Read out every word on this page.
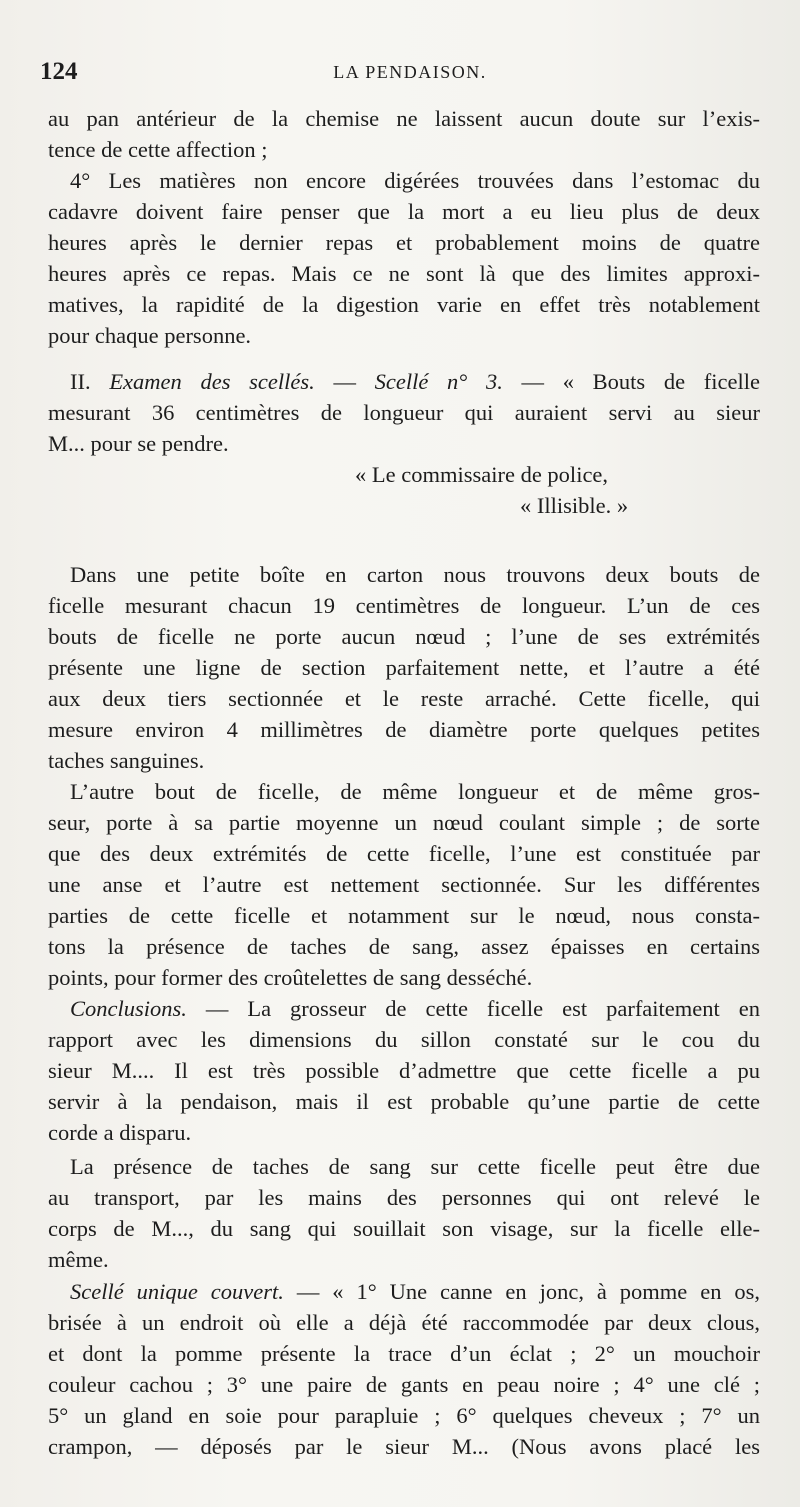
124	LA PENDAISON.
au pan antérieur de la chemise ne laissent aucun doute sur l’exis-
tence de cette affection ;
4° Les matières non encore digérées trouvées dans l’estomac du
cadavre doivent faire penser que la mort a eu lieu plus de deux
heures après le dernier repas et probablement moins de quatre
heures après ce repas. Mais ce ne sont là que des limites approxi-
matives, la rapidité de la digestion varie en effet très notablement
pour chaque personne.
II. Examen des scellés. — Scellé n° 3. — « Bouts de ficelle
mesurant 36 centimètres de longueur qui auraient servi au sieur
M... pour se pendre.
« Le commissaire de police,
« Illisible. »
Dans une petite boîte en carton nous trouvons deux bouts de
ficelle mesurant chacun 19 centimètres de longueur. L’un de ces
bouts de ficelle ne porte aucun nœud ; l’une de ses extrémités
présente une ligne de section parfaitement nette, et l’autre a été
aux deux tiers sectionnée et le reste arraché. Cette ficelle, qui
mesure environ 4 millimètres de diamètre porte quelques petites
taches sanguines.
L’autre bout de ficelle, de même longueur et de même gros-
seur, porte à sa partie moyenne un nœud coulant simple ; de sorte
que des deux extrémités de cette ficelle, l’une est constituée par
une anse et l’autre est nettement sectionnée. Sur les différentes
parties de cette ficelle et notamment sur le nœud, nous consta-
tons la présence de taches de sang, assez épaisses en certains
points, pour former des croûtelettes de sang desséché.
Conclusions. — La grosseur de cette ficelle est parfaitement en
rapport avec les dimensions du sillon constaté sur le cou du
sieur M.... Il est très possible d’admettre que cette ficelle a pu
servir à la pendaison, mais il est probable qu’une partie de cette
corde a disparu.
La présence de taches de sang sur cette ficelle peut être due
au transport, par les mains des personnes qui ont relevé le
corps de M..., du sang qui souillait son visage, sur la ficelle elle-
même.
Scellé unique couvert. — « 1° Une canne en jonc, à pomme en os,
brisée à un endroit où elle a déjà été raccommodée par deux clous,
et dont la pomme présente la trace d’un éclat ; 2° un mouchoir
couleur cachou ; 3° une paire de gants en peau noire ; 4° une clé ;
5° un gland en soie pour parapluie ; 6° quelques cheveux ; 7° un
crampon, — déposés par le sieur M... (Nous avons placé les
